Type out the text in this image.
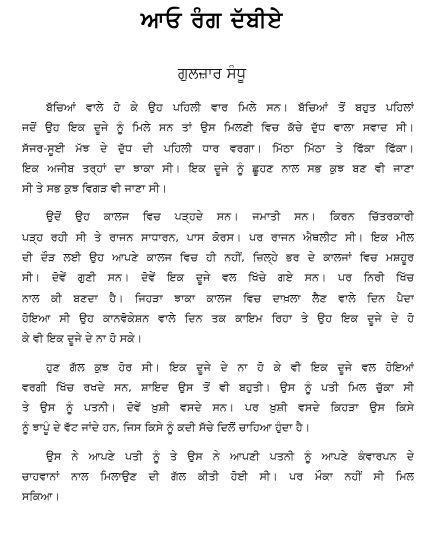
ਆਓ ਰੰਗ ਦੱਬੀਏ
ਗੁਲਜ਼ਾਰ ਸੰਧੂ
ਬੱਚਿਆਂ ਵਾਲੇ ਹੋ ਕੇ ਉਹ ਪਹਿਲੀ ਵਾਰ ਮਿਲੇ ਸਨ। ਬੱਚਿਆਂ ਤੋਂ ਬਹੁਤ ਪਹਿਲਾਂ
ਜਦੋਂ ਉਹ ਇਕ ਦੂਜੇ ਨੂੰ ਮਿਲੇ ਸਨ ਤਾਂ ਉਸ ਮਿਲਣੀ ਵਿਚ ਕੱਚੇ ਦੁੱਧ ਵਾਲਾ ਸਵਾਦ ਸੀ।
ਸੱਜਰ-ਸੂਈ ਮੱਝ ਦੇ ਦੁੱਧ ਦੀ ਪਹਿਲੀ ਧਾਰ ਵਰਗਾ। ਮਿੱਠਾ ਮਿੱਠਾ ਤੇ ਫਿੱਕਾ ਫਿੱਕਾ।
ਇਕ ਅਜੀਬ ਤਰ੍ਹਾਂ ਦਾ ਝਾਕਾ ਸੀ। ਇਕ ਦੂਜੇ ਨੂੰ ਛੂਹਣ ਨਾਲ ਸਭ ਕੁਝ ਬਣ ਵੀ ਜਾਣਾ
ਸੀ ਤੇ ਸਭ ਕੁਝ ਵਿਗੜ ਵੀ ਜਾਣਾ ਸੀ।
ਉਦੋਂ ਉਹ ਕਾਲਜ ਵਿਚ ਪੜ੍ਹਦੇ ਸਨ। ਜਮਾਤੀ ਸਨ। ਕਿਰਨ ਚਿੱਤਰਕਾਰੀ
ਪੜ੍ਹ ਰਹੀ ਸੀ ਤੇ ਰਾਜਨ ਸਾਧਾਰਨ, ਪਾਸ ਕੋਰਸ। ਪਰ ਰਾਜਨ ਐਥਲੀਟ ਸੀ। ਇਕ ਮੀਲ
ਦੀ ਦੌੜ ਲਈ ਉਹ ਆਪਣੇ ਕਾਲਜ ਵਿਚ ਹੀ ਨਹੀਂ, ਜ਼ਿਲ੍ਹੇ ਭਰ ਦੇ ਕਾਲਜਾਂ ਵਿਚ ਮਸ਼ਹੂਰ
ਸੀ। ਦੋਵੇਂ ਗੁਣੀ ਸਨ। ਦੋਵੇਂ ਇਕ ਦੂਜੇ ਵਲ ਖਿੱਚੇ ਗਏ ਸਨ। ਪਰ ਨਿਰੀ ਖਿੱਚ
ਨਾਲ ਕੀ ਬਣਦਾ ਹੈ। ਜਿਹੜਾ ਝਾਕਾ ਕਾਲਜ ਵਿਚ ਦਾਖ਼ਲਾ ਲੈਣ ਵਾਲੇ ਦਿਨ ਪੈਦਾ
ਹੋਇਆ ਸੀ ਉਹ ਕਾਨਵੋਕੇਸ਼ਨ ਵਾਲੇ ਦਿਨ ਤਕ ਕਾਇਮ ਰਿਹਾ ਤੇ ਉਹ ਇਕ ਦੂਜੇ ਦੇ ਹੋ
ਕੇ ਵੀ ਇਕ ਦੂਜੇ ਦੇ ਨਾ ਹੋ ਸਕੇ।
ਹੁਣ ਗੱਲ ਕੁਝ ਹੋਰ ਸੀ। ਇਕ ਦੂਜੇ ਦੇ ਨਾ ਹੋ ਕੇ ਵੀ ਇਕ ਦੂਜੇ ਵਲ ਹੋਇਆਂ
ਵਰਗੀ ਖਿੱਚ ਰਖਦੇ ਸਨ, ਸ਼ਾਇਦ ਉਸ ਤੋਂ ਵੀ ਬਹੁਤੀ। ਉਸ ਨੂੰ ਪਤੀ ਮਿਲ ਚੁੱਕਾ ਸੀ
ਤੇ ਉਸ ਨੂੰ ਪਤਨੀ। ਦੋਵੇਂ ਖ਼ੁਸ਼ੀ ਵਸਦੇ ਸਨ। ਪਰ ਖ਼ੁਸ਼ੀ ਵਸਦੇ ਕਿਹੜਾ ਉਸ ਕਿਸੇ
ਨੂੰ ਝਾਪੂੰ ਦੇ ਵੱਟ ਜਾਂਦੇ ਹਨ, ਜਿਸ ਕਿਸੇ ਨੂੰ ਕਦੀ ਸੱਚੇ ਦਿਲੋਂ ਚਾਹਿਆ ਹੁੰਦਾ ਹੈ।
ਉਸ ਨੇ ਆਪਣੇ ਪਤੀ ਨੂੰ ਤੇ ਉਸ ਨੇ ਆਪਣੀ ਪਤਨੀ ਨੂੰ ਆਪਣੇ ਕੰਵਾਰਪਨ ਦੇ
ਚਾਹਵਾਨਾਂ ਨਾਲ ਮਿਲਾਉਣ ਦੀ ਗੱਲ ਕੀਤੀ ਹੋਈ ਸੀ। ਪਰ ਮੌਕਾ ਨਹੀਂ ਸੀ ਮਿਲ
ਸਕਿਆ।
